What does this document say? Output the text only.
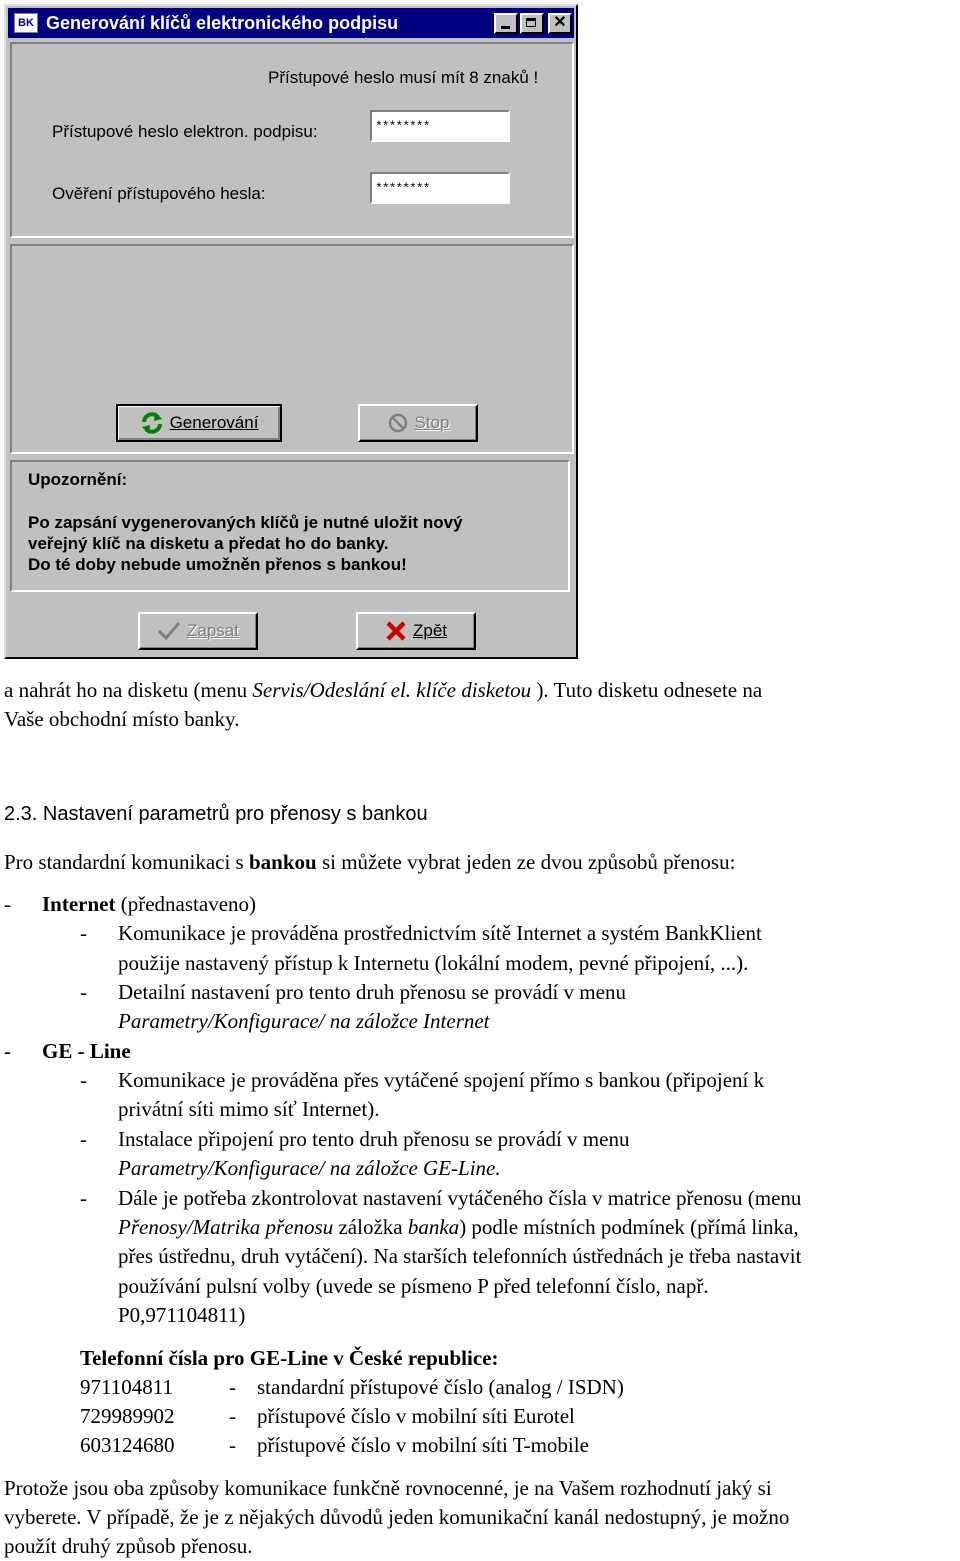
BK Generování klíčů elektronického podpisu	✕
Přístupové heslo musí mít 8 znaků !
Přístupové heslo elektron. podpisu:
********
Ověření přístupového hesla:
********
Generování	Stop
Upozornění:
Po zapsání vygenerovaných klíčů je nutné uložit nový
veřejný klíč na disketu a předat ho do banky.
Do té doby nebude umožněn přenos s bankou!
Zapsat	Zpět
a nahrát ho na disketu (menu Servis/Odeslání el. klíče disketou ). Tuto disketu odnesete na
Vaše obchodní místo banky.
2.3. Nastavení parametrů pro přenosy s bankou
Pro standardní komunikaci s bankou si můžete vybrat jeden ze dvou způsobů přenosu:
- Internet (přednastaveno)
- Komunikace je prováděna prostřednictvím sítě Internet a systém BankKlient
použije nastavený přístup k Internetu (lokální modem, pevné připojení, ...).
- Detailní nastavení pro tento druh přenosu se provádí v menu
Parametry/Konfigurace/ na záložce Internet
- GE - Line
- Komunikace je prováděna přes vytáčené spojení přímo s bankou (připojení k
privátní síti mimo síť Internet).
- Instalace připojení pro tento druh přenosu se provádí v menu
Parametry/Konfigurace/ na záložce GE-Line.
- Dále je potřeba zkontrolovat nastavení vytáčeného čísla v matrice přenosu (menu
Přenosy/Matrika přenosu záložka banka) podle místních podmínek (přímá linka,
přes ústřednu, druh vytáčení). Na starších telefonních ústřednách je třeba nastavit
používání pulsní volby (uvede se písmeno P před telefonní číslo, např.
P0,971104811)
Telefonní čísla pro GE-Line v České republice:
971104811	- standardní přístupové číslo (analog / ISDN)
729989902	- přístupové číslo v mobilní síti Eurotel
603124680	- přístupové číslo v mobilní síti T-mobile
Protože jsou oba způsoby komunikace funkčně rovnocenné, je na Vašem rozhodnutí jaký si
vyberete. V případě, že je z nějakých důvodů jeden komunikační kanál nedostupný, je možno
použít druhý způsob přenosu.
